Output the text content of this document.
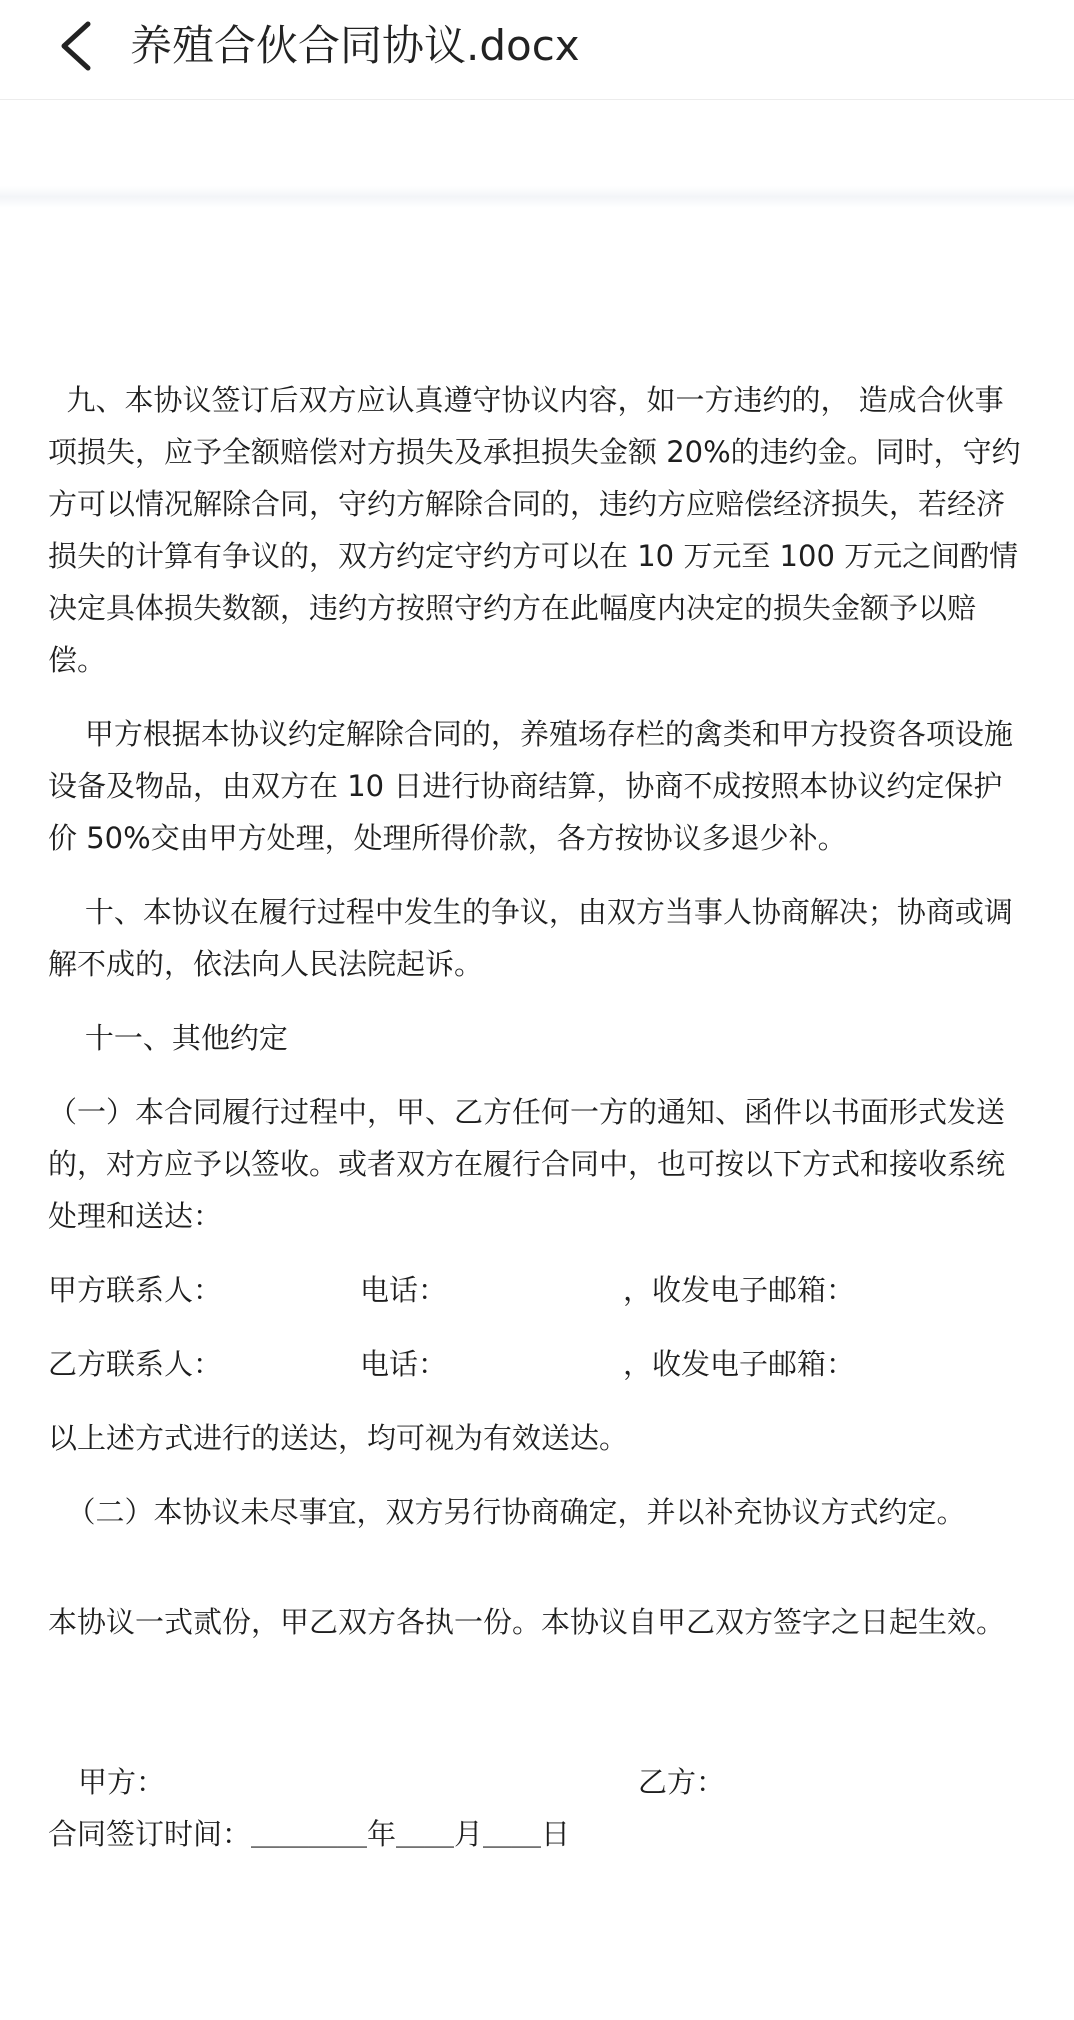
养殖合伙合同协议.docx

九、本协议签订后双方应认真遵守协议内容，如一方违约的， 造成合伙事项损失，应予全额赔偿对方损失及承担损失金额 20%的违约金。同时，守约方可以情况解除合同，守约方解除合同的，违约方应赔偿经济损失，若经济损失的计算有争议的，双方约定守约方可以在 10 万元至 100 万元之间酌情决定具体损失数额，违约方按照守约方在此幅度内决定的损失金额予以赔偿。

甲方根据本协议约定解除合同的，养殖场存栏的禽类和甲方投资各项设施设备及物品，由双方在 10 日进行协商结算，协商不成按照本协议约定保护价 50%交由甲方处理，处理所得价款，各方按协议多退少补。

十、本协议在履行过程中发生的争议，由双方当事人协商解决；协商或调解不成的，依法向人民法院起诉。

十一、其他约定

（一）本合同履行过程中，甲、乙方任何一方的通知、函件以书面形式发送的，对方应予以签收。或者双方在履行合同中，也可按以下方式和接收系统处理和送达：

甲方联系人：	电话：	，收发电子邮箱：
乙方联系人：	电话：	，收发电子邮箱：

以上述方式进行的送达，均可视为有效送达。

（二）本协议未尽事宜，双方另行协商确定，并以补充协议方式约定。

本协议一式贰份，甲乙双方各执一份。本协议自甲乙双方签字之日起生效。

甲方：	乙方：

合同签订时间：＿＿＿＿年＿＿月＿＿日
